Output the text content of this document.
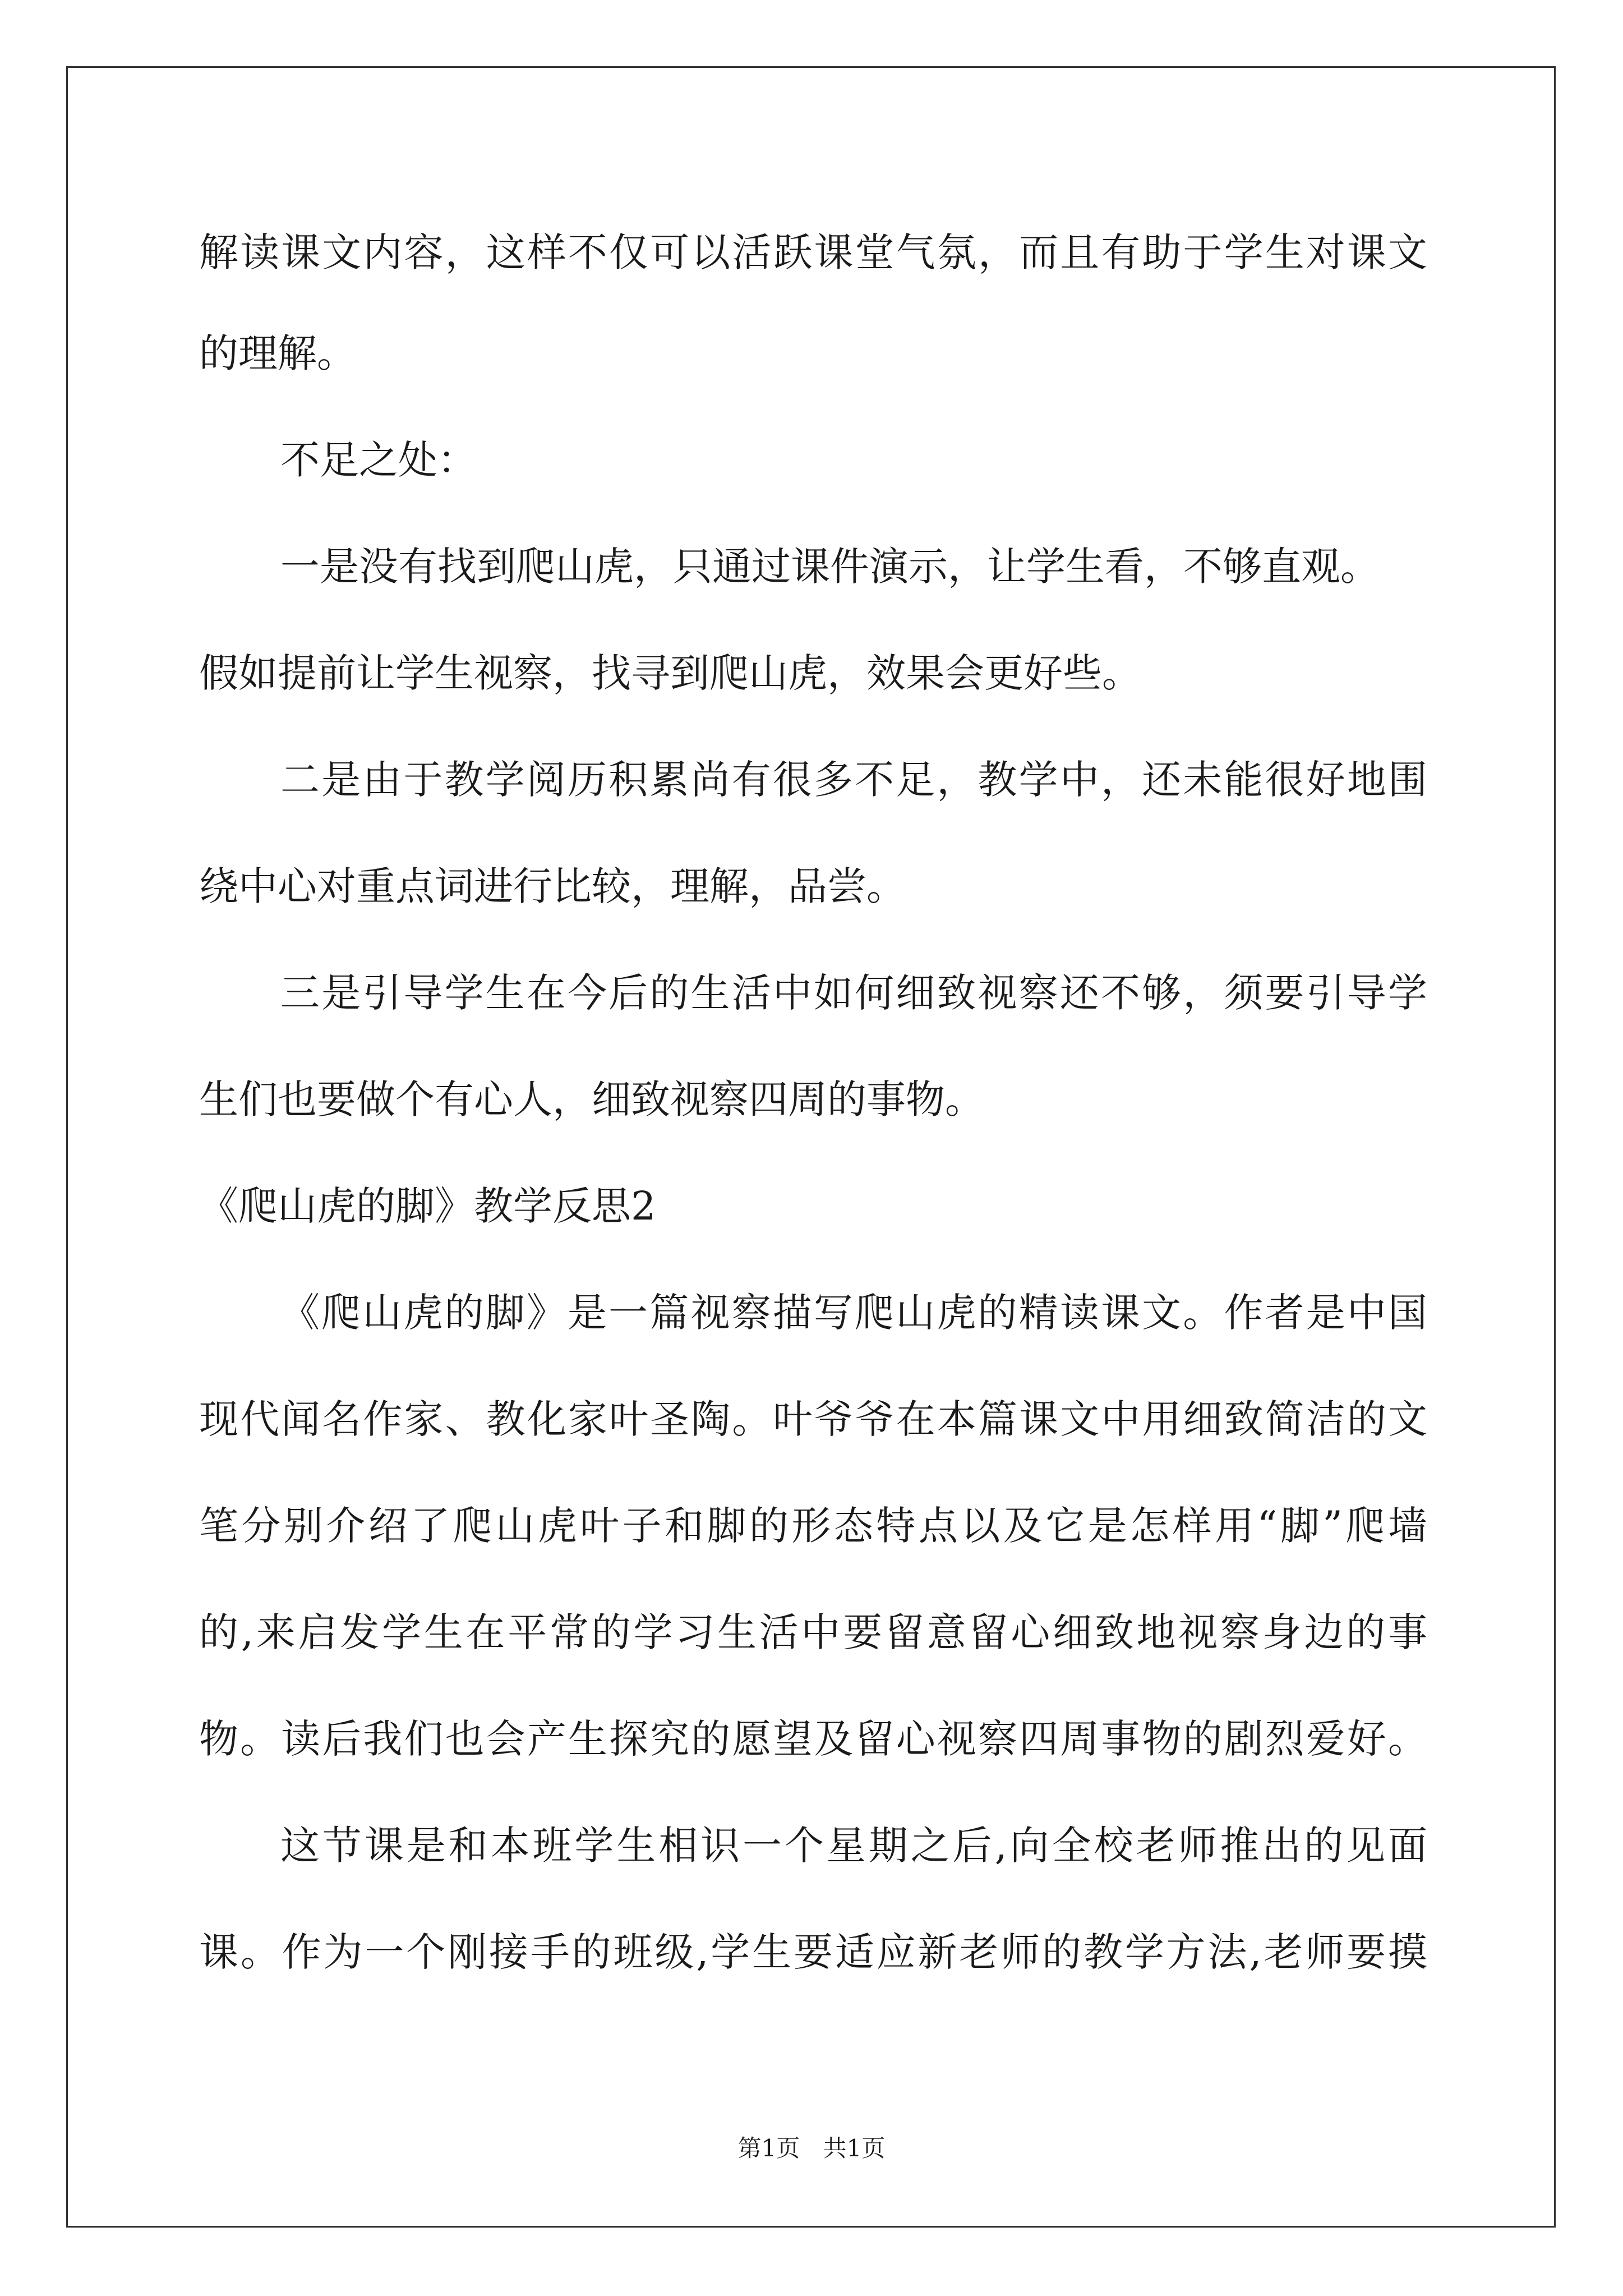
解读课文内容，这样不仅可以活跃课堂气氛，而且有助于学生对课文
的理解。
不足之处：
一是没有找到爬山虎，只通过课件演示，让学生看，不够直观。
假如提前让学生视察，找寻到爬山虎，效果会更好些。
二是由于教学阅历积累尚有很多不足，教学中，还未能很好地围
绕中心对重点词进行比较，理解，品尝。
三是引导学生在今后的生活中如何细致视察还不够，须要引导学
生们也要做个有心人，细致视察四周的事物。
《爬山虎的脚》教学反思2
《爬山虎的脚》是一篇视察描写爬山虎的精读课文。作者是中国
现代闻名作家、教化家叶圣陶。叶爷爷在本篇课文中用细致简洁的文
笔分别介绍了爬山虎叶子和脚的形态特点以及它是怎样用“脚”爬墙
的,来启发学生在平常的学习生活中要留意留心细致地视察身边的事
物。读后我们也会产生探究的愿望及留心视察四周事物的剧烈爱好。
这节课是和本班学生相识一个星期之后,向全校老师推出的见面
课。作为一个刚接手的班级,学生要适应新老师的教学方法,老师要摸
第1页 共1页
